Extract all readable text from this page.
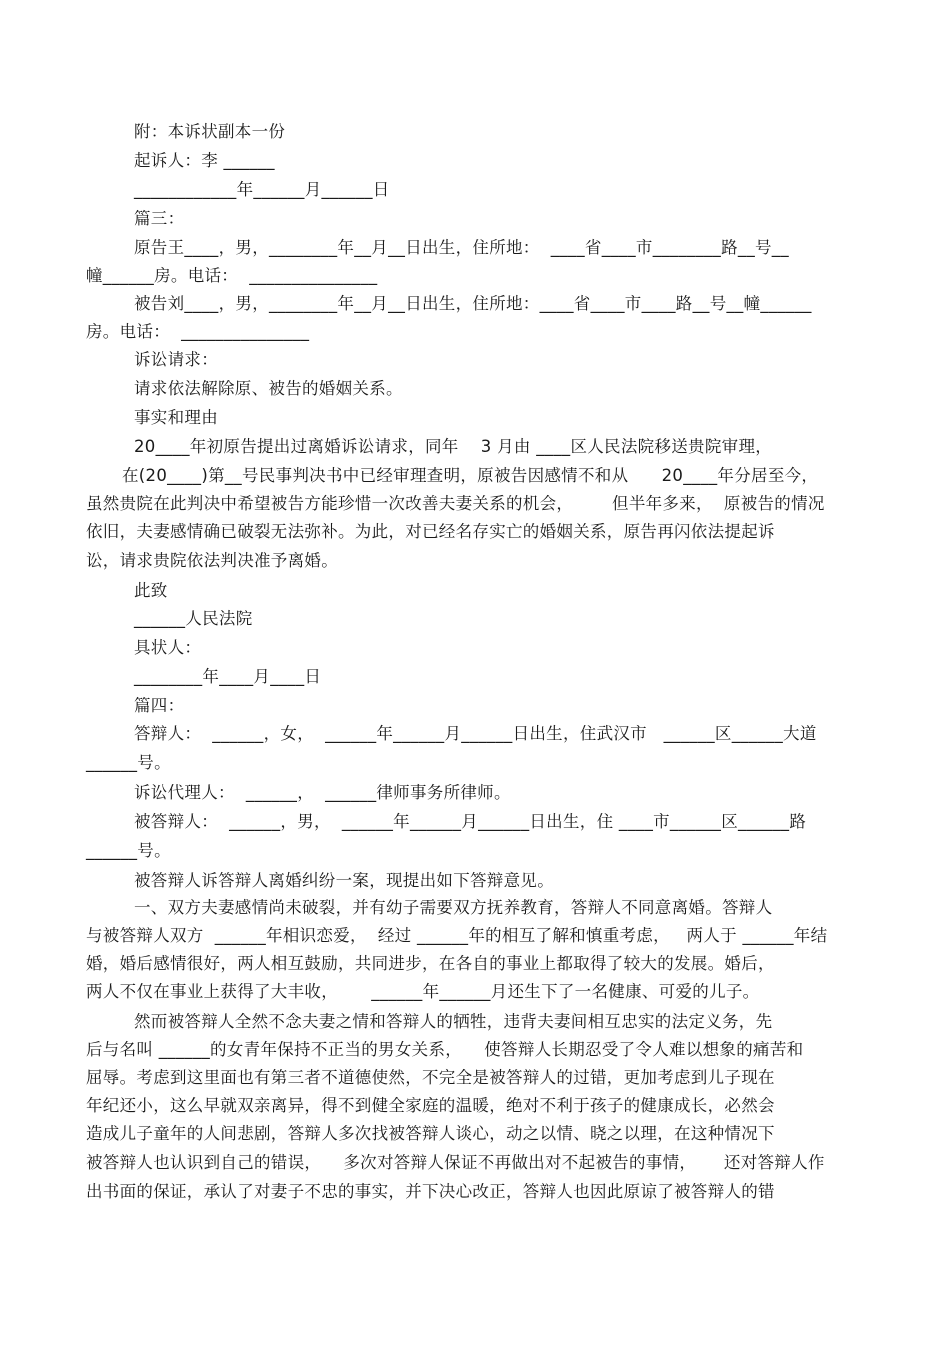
附：本诉状副本一份
起诉人：李 ______
____________年______月______日
篇三：
原告王____，男，________年__月__日出生，住所地：  ____省____市________路__号__
幢______房。电话：  _______________
被告刘____，男，________年__月__日出生，住所地：____省____市____路__号__幢______
房。电话：  _______________
诉讼请求：
请求依法解除原、被告的婚姻关系。
事实和理由
20____年初原告提出过离婚诉讼请求，同年    3 月由 ____区人民法院移送贵院审理，
在(20____)第__号民事判决书中已经审理查明，原被告因感情不和从      20____年分居至今，
虽然贵院在此判决中希望被告方能珍惜一次改善夫妻关系的机会，       但半年多来，  原被告的情况
依旧，夫妻感情确已破裂无法弥补。为此，对已经名存实亡的婚姻关系，原告再闪依法提起诉
讼，请求贵院依法判决准予离婚。
此致
______人民法院
具状人：
________年____月____日
篇四：
答辩人：  ______，女，  ______年______月______日出生，住武汉市   ______区______大道
______号。
诉讼代理人：  ______，  ______律师事务所律师。
被答辩人：  ______，男，  ______年______月______日出生，住 ____市______区______路
______号。
被答辩人诉答辩人离婚纠纷一案，现提出如下答辩意见。
一、双方夫妻感情尚未破裂，并有幼子需要双方抚养教育，答辩人不同意离婚。答辩人
与被答辩人双方  ______年相识恋爱，  经过 ______年的相互了解和慎重考虑，   两人于 ______年结
婚，婚后感情很好，两人相互鼓励，共同进步，在各自的事业上都取得了较大的发展。婚后，
两人不仅在事业上获得了大丰收，      ______年______月还生下了一名健康、可爱的儿子。
然而被答辩人全然不念夫妻之情和答辩人的牺牲，违背夫妻间相互忠实的法定义务，先
后与名叫 ______的女青年保持不正当的男女关系，    使答辩人长期忍受了令人难以想象的痛苦和
屈辱。考虑到这里面也有第三者不道德使然，不完全是被答辩人的过错，更加考虑到儿子现在
年纪还小，这么早就双亲离异，得不到健全家庭的温暖，绝对不利于孩子的健康成长，必然会
造成儿子童年的人间悲剧，答辩人多次找被答辩人谈心，动之以情、晓之以理，在这种情况下
被答辩人也认识到自己的错误，    多次对答辩人保证不再做出对不起被告的事情，     还对答辩人作
出书面的保证，承认了对妻子不忠的事实，并下决心改正，答辩人也因此原谅了被答辩人的错
